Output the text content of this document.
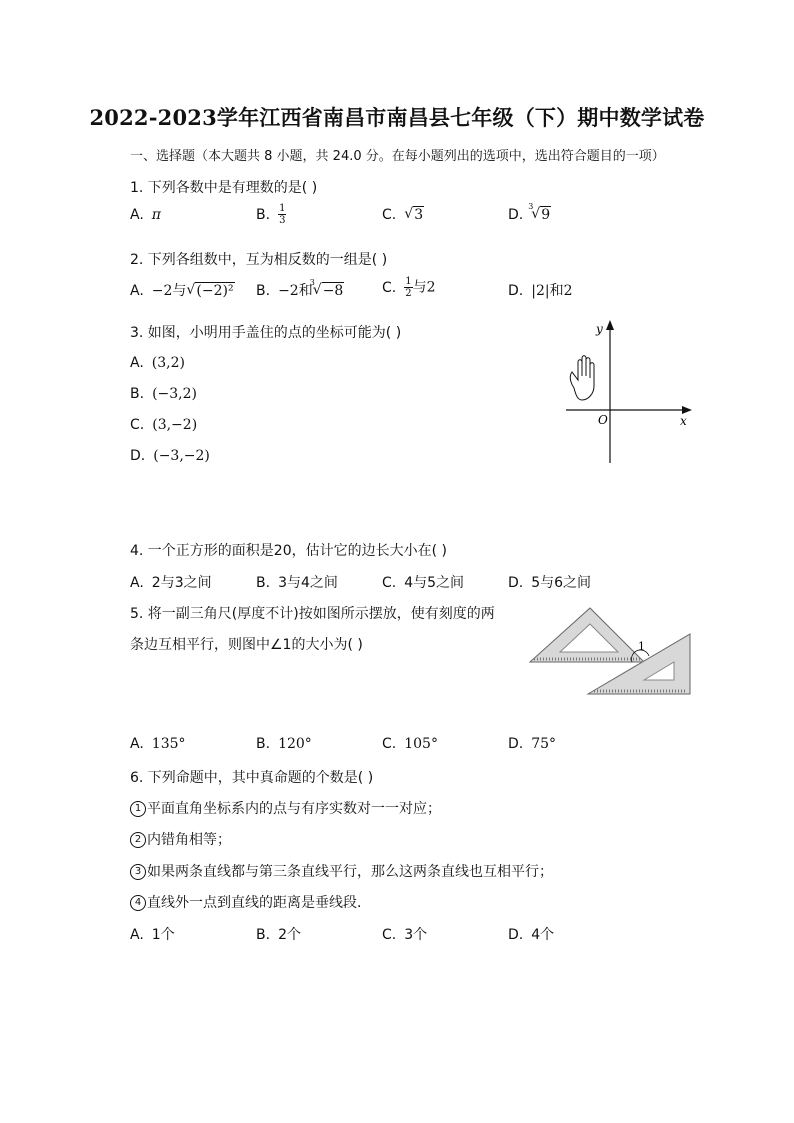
2022-2023学年江西省南昌市南昌县七年级（下）期中数学试卷
一、选择题（本大题共 8 小题，共 24.0 分。在每小题列出的选项中，选出符合题目的一项）
1. 下列各数中是有理数的是( )
A. π	B. $\frac{1}{3}$	C. √ 3	D.
√ 3
9
2. 下列各组数中，互为相反数的一组是( )
A. −2与 √ (−2)² B. −2和
√ 3
−8	C. $\frac{1}{2}$ 与2	D. |2|和2
3. 如图，小明用手盖住的点的坐标可能为( )
A. (3,2)
B. (−3,2)
C. (3,−2)
D. (−3,−2)
y
x
O
4. 一个正方形的面积是20，估计它的边长大小在( )
A. 2与3之间	B. 3与4之间	C. 4与5之间	D. 5与6之间
5. 将一副三角尺(厚度不计)按如图所示摆放，使有刻度的两
条边互相平行，则图中∠1的大小为( )	1
A. 135°	B. 120°	C. 105°	D. 75°
6. 下列命题中，其中真命题的个数是( )
1 平面直角坐标系内的点与有序实数对一一对应；
2 内错角相等；
3 如果两条直线都与第三条直线平行，那么这两条直线也互相平行；
4 直线外一点到直线的距离是垂线段．
A. 1个	B. 2个	C. 3个	D. 4个
